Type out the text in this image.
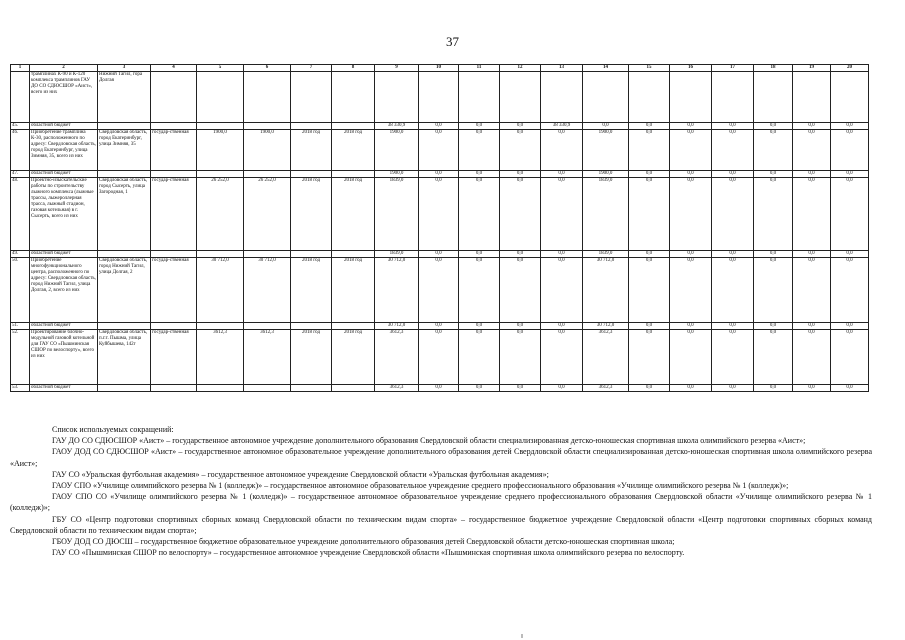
37
1	2	3	4	5	6	7	8	9	10	11	12	13	14	15	16	17	18	19	20
	трамплинах К-90 и К-120 комплекса трамплинов ГАУ ДО СО СДЮСШОР «Аист», всего из них	Нижний Тагил, гора Долгая																	
45.	областной бюджет							38 330,9	0,0	0,0	0,0	38 330,9	0,0	0,0	0,0	0,0	0,0	0,0	0,0
46.	Приобретение трамплина К-30, расположенного по адресу: Свердловская область, город Екатеринбург, улица Зимняя, 35, всего из них	Свердловская область, город Екатеринбург, улица Зимняя, 35	государ-ственная	1900,0	1900,0	2018 год	2018 год	1900,0	0,0	0,0	0,0	0,0	1900,0	0,0	0,0	0,0	0,0	0,0	0,0
47.	областной бюджет							1900,0	0,0	0,0	0,0	0,0	1900,0	0,0	0,0	0,0	0,0	0,0	0,0
48.	Проектно-изыскательские работы по строительству лыжного комплекса (лыжные трассы, лыжероллерная трасса, лыжный стадион, газовая котельная) в г. Сысерть, всего из них	Свердловская область, город Сысерть, улица Загородная, 1	государ-ственная	26 252,0	26 252,0	2018 год	2018 год	1839,0	0,0	0,0	0,0	0,0	1839,0	0,0	0,0	0,0	0,0	0,0	0,0
49.	областной бюджет							1839,0	0,0	0,0	0,0	0,0	1839,0	0,0	0,0	0,0	0,0	0,0	0,0
50.	Приобретение многофункционального центра, расположенного по адресу: Свердловская область, город Нижний Тагил, улица Долгая, 2, всего из них	Свердловская область, город Нижний Тагил, улица Долгая, 2	государ-ственная	30 712,0	30 712,0	2018 год	2018 год	30 712,0	0,0	0,0	0,0	0,0	30 712,0	0,0	0,0	0,0	0,0	0,0	0,0
51.	областной бюджет							30 712,0	0,0	0,0	0,0	0,0	30 712,0	0,0	0,0	0,0	0,0	0,0	0,0
52.	Проектирование блочно-модульной газовой котельной для ГАУ СО «Пышминская СШОР по велоспорту», всего из них	Свердловская область, п.г.т. Пышма, улица Куйбышева, 142г	государ-ственная	3612,3	3612,3	2018 год	2018 год	3612,3	0,0	0,0	0,0	0,0	3612,3	0,0	0,0	0,0	0,0	0,0	0,0
53.	областной бюджет							3612,3	0,0	0,0	0,0	0,0	3612,3	0,0	0,0	0,0	0,0	0,0	0,0

Список используемых сокращений:

ГАУ ДО СО СДЮСШОР «Аист» – государственное автономное учреждение дополнительного образования Свердловской области специализированная детско-юношеская спортивная школа олимпийского резерва «Аист»;

ГАОУ ДОД СО СДЮСШОР «Аист» – государственное автономное образовательное учреждение дополнительного образования детей Свердловской области специализированная детско-юношеская спортивная школа олимпийского резерва «Аист»;

ГАУ СО «Уральская футбольная академия» – государственное автономное учреждение Свердловской области «Уральская футбольная академия»;

ГАОУ СПО «Училище олимпийского резерва № 1 (колледж)» – государственное автономное образовательное учреждение среднего профессионального образования «Училище олимпийского резерва № 1 (колледж)»;

ГАОУ СПО СО «Училище олимпийского резерва № 1 (колледж)» – государственное автономное образовательное учреждение среднего профессионального образования Свердловской области «Училище олимпийского резерва № 1 (колледж)»;

ГБУ СО «Центр подготовки спортивных сборных команд Свердловской области по техническим видам спорта» – государственное бюджетное учреждение Свердловской области «Центр подготовки спортивных сборных команд Свердловской области по техническим видам спорта»;

ГБОУ ДОД СО ДЮСШ – государственное бюджетное образовательное учреждение дополнительного образования детей Свердловской области детско-юношеская спортивная школа;

ГАУ СО «Пышминская СШОР по велоспорту» – государственное автономное учреждение Свердловской области «Пышминская спортивная школа олимпийского резерва по велоспорту.
